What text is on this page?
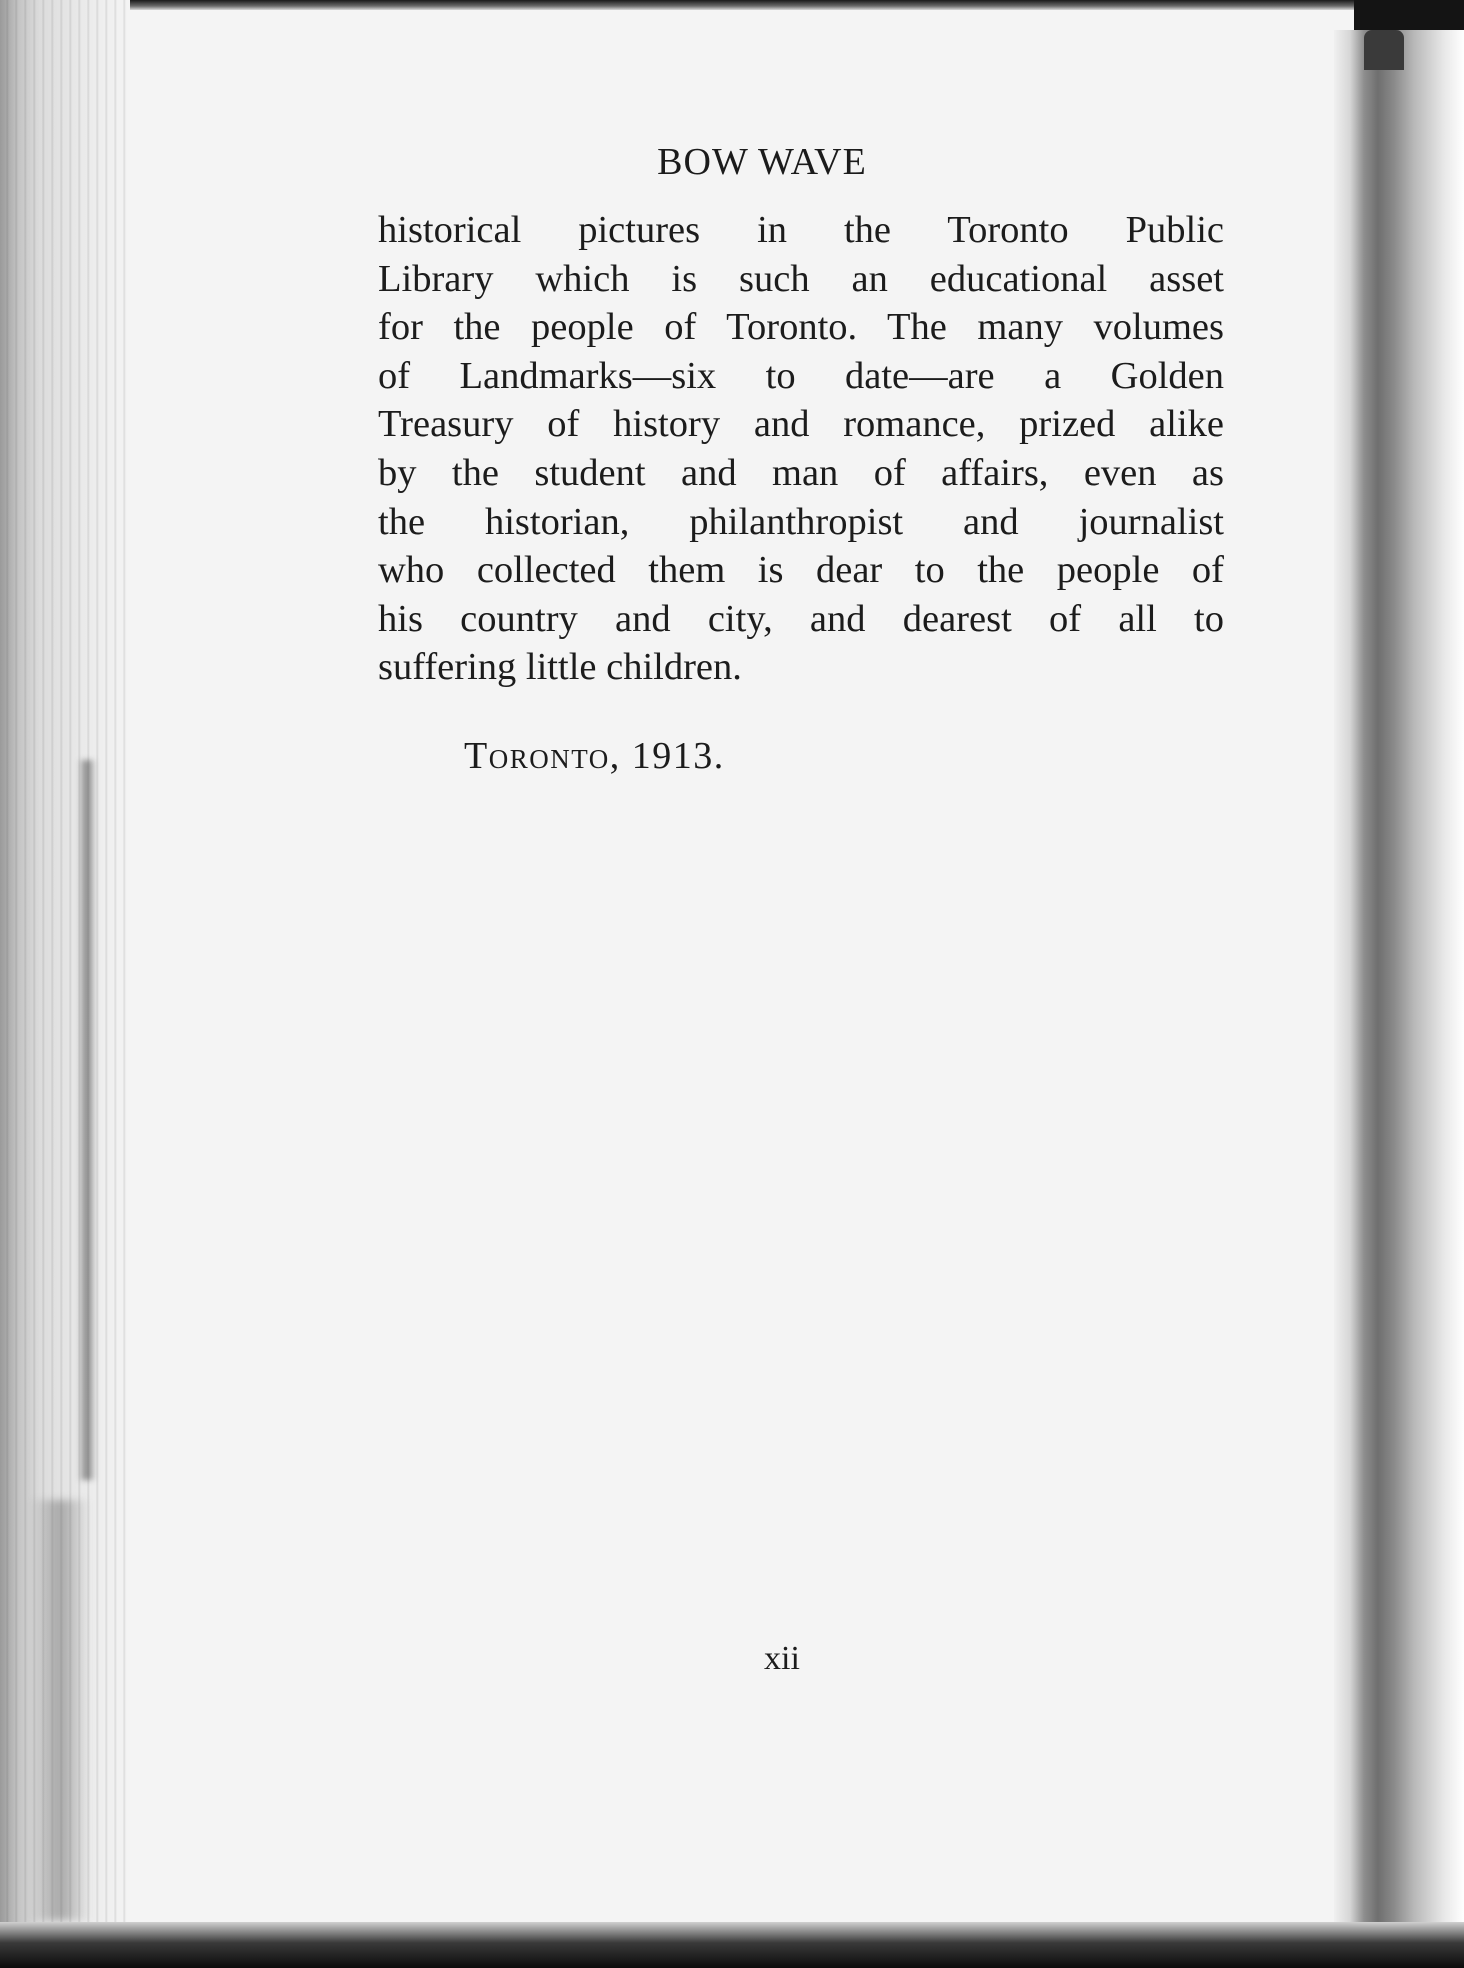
BOW WAVE
historical pictures in the Toronto Public
Library which is such an educational asset
for the people of Toronto. The many volumes
of Landmarks—six to date—are a Golden
Treasury of history and romance, prized alike
by the student and man of affairs, even as
the historian, philanthropist and journalist
who collected them is dear to the people of
his country and city, and dearest of all to
suffering little children.
Toronto, 1913.
xii
